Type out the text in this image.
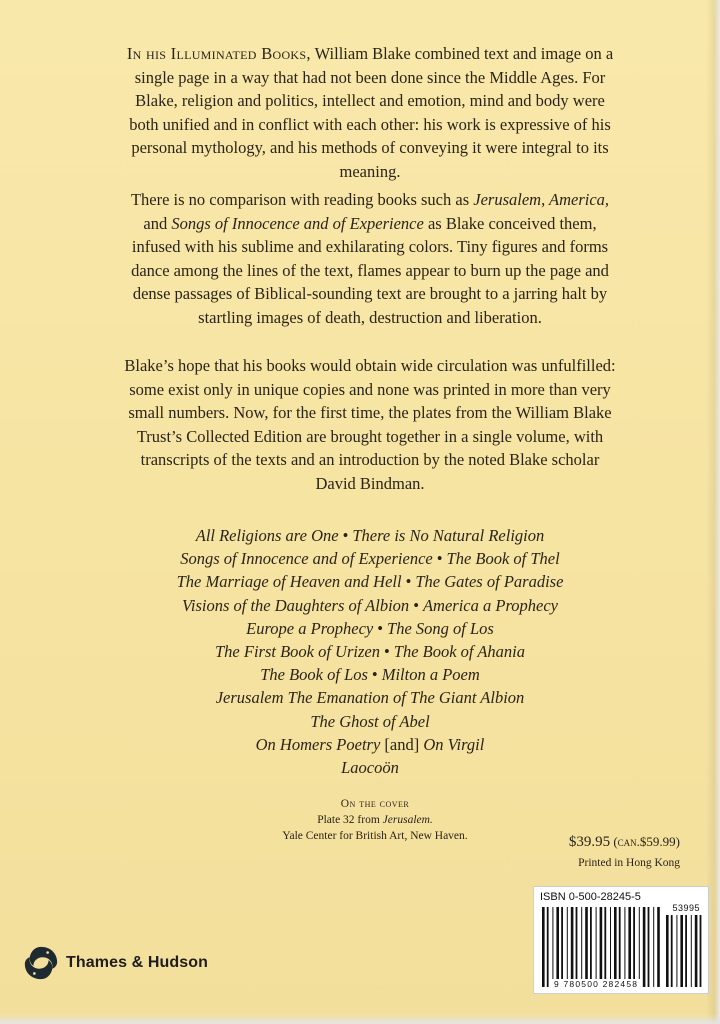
In his Illuminated Books, William Blake combined text and image on a single page in a way that had not been done since the Middle Ages. For Blake, religion and politics, intellect and emotion, mind and body were both unified and in conflict with each other: his work is expressive of his personal mythology, and his methods of conveying it were integral to its meaning.

There is no comparison with reading books such as Jerusalem, America, and Songs of Innocence and of Experience as Blake conceived them, infused with his sublime and exhilarating colors. Tiny figures and forms dance among the lines of the text, flames appear to burn up the page and dense passages of Biblical-sounding text are brought to a jarring halt by startling images of death, destruction and liberation.

Blake’s hope that his books would obtain wide circulation was unfulfilled: some exist only in unique copies and none was printed in more than very small numbers. Now, for the first time, the plates from the William Blake Trust’s Collected Edition are brought together in a single volume, with transcripts of the texts and an introduction by the noted Blake scholar David Bindman.

All Religions are One • There is No Natural Religion
Songs of Innocence and of Experience • The Book of Thel
The Marriage of Heaven and Hell • The Gates of Paradise
Visions of the Daughters of Albion • America a Prophecy
Europe a Prophecy • The Song of Los
The First Book of Urizen • The Book of Ahania
The Book of Los • Milton a Poem
Jerusalem The Emanation of The Giant Albion
The Ghost of Abel
On Homers Poetry [and] On Virgil
Laocoön
On the cover
Plate 32 from Jerusalem.
Yale Center for British Art, New Haven.	$39.95 (can.$59.99)
Printed in Hong Kong
ISBN 0-500-28245-5
53995
9 780500 282458
Thames & Hudson
